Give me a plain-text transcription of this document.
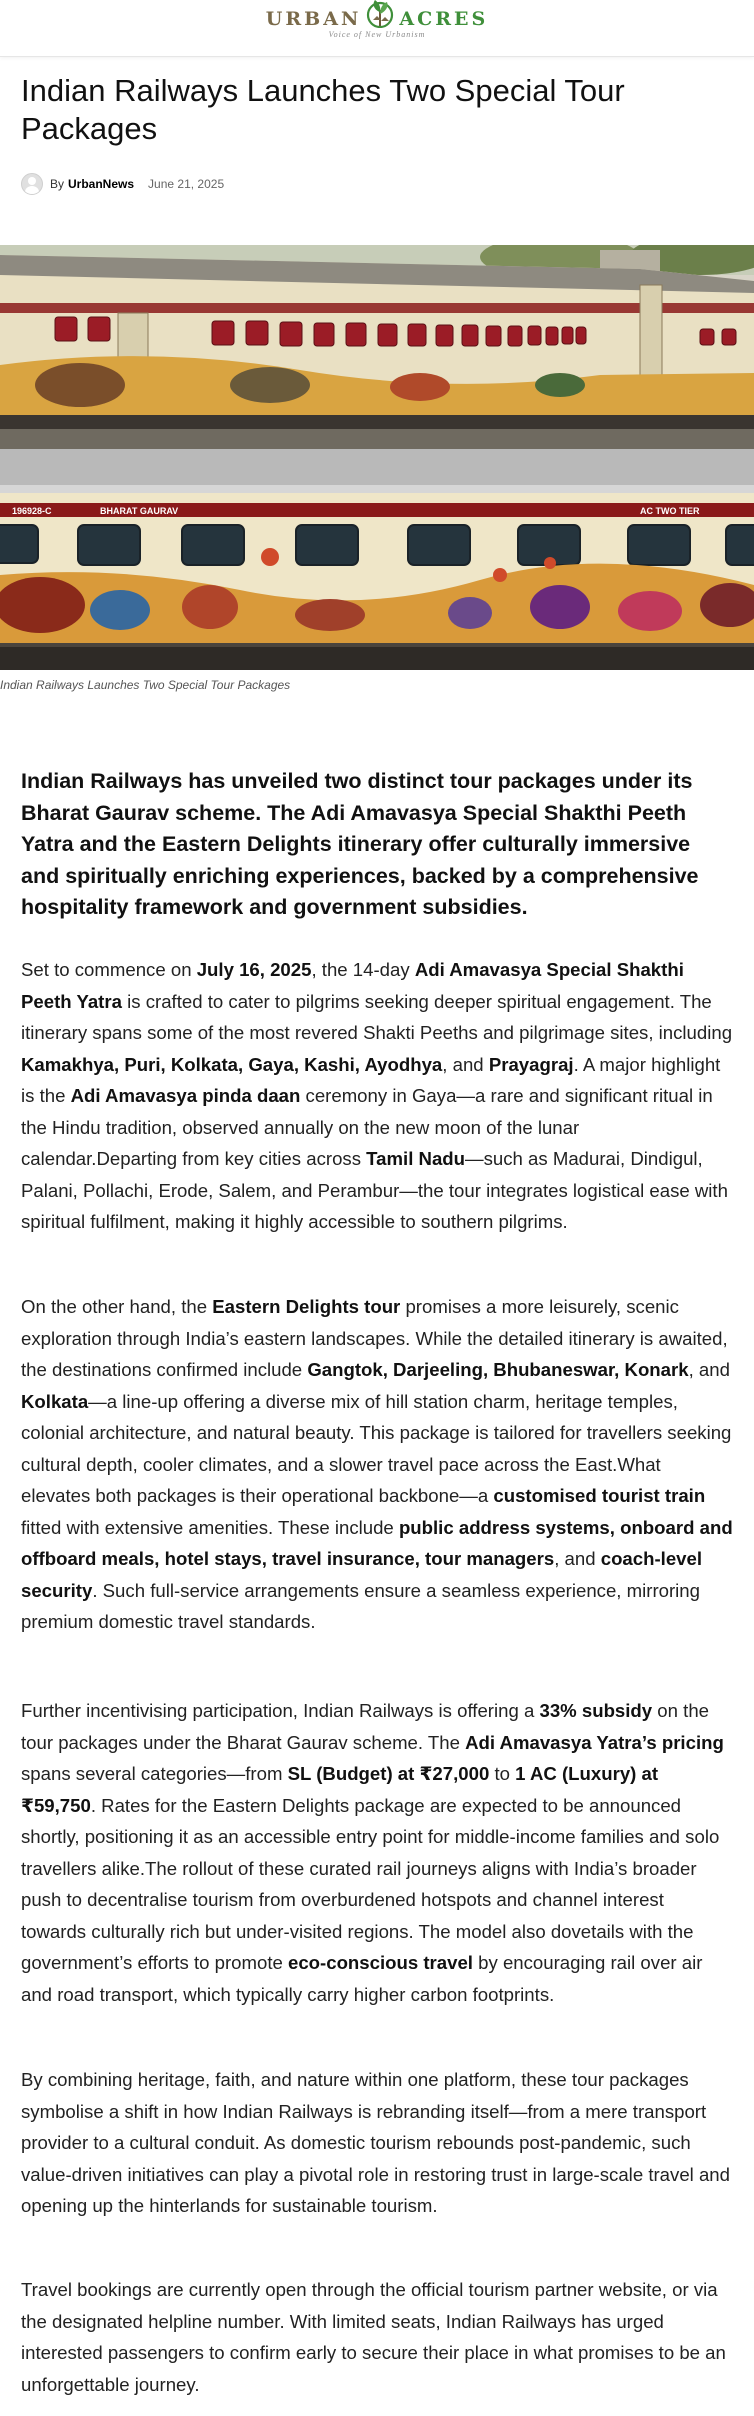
URBAN ACRES
Voice of New Urbanism
Indian Railways Launches Two Special Tour Packages
By UrbanNews June 21, 2025
196928-C	BHARAT GAURAV	AC TWO TIER
Indian Railways Launches Two Special Tour Packages

Indian Railways has unveiled two distinct tour packages under its Bharat Gaurav scheme. The Adi Amavasya Special Shakthi Peeth Yatra and the Eastern Delights itinerary offer culturally immersive and spiritually enriching experiences, backed by a comprehensive hospitality framework and government subsidies.

Set to commence on July 16, 2025, the 14-day Adi Amavasya Special Shakthi Peeth Yatra is crafted to cater to pilgrims seeking deeper spiritual engagement. The itinerary spans some of the most revered Shakti Peeths and pilgrimage sites, including Kamakhya, Puri, Kolkata, Gaya, Kashi, Ayodhya, and Prayagraj. A major highlight is the Adi Amavasya pinda daan ceremony in Gaya—a rare and significant ritual in the Hindu tradition, observed annually on the new moon of the lunar calendar.Departing from key cities across Tamil Nadu—such as Madurai, Dindigul, Palani, Pollachi, Erode, Salem, and Perambur—the tour integrates logistical ease with spiritual fulfilment, making it highly accessible to southern pilgrims.

On the other hand, the Eastern Delights tour promises a more leisurely, scenic exploration through India’s eastern landscapes. While the detailed itinerary is awaited, the destinations confirmed include Gangtok, Darjeeling, Bhubaneswar, Konark, and Kolkata—a line-up offering a diverse mix of hill station charm, heritage temples, colonial architecture, and natural beauty. This package is tailored for travellers seeking cultural depth, cooler climates, and a slower travel pace across the East.What elevates both packages is their operational backbone—a customised tourist train fitted with extensive amenities. These include public address systems, onboard and offboard meals, hotel stays, travel insurance, tour managers, and coach-level security. Such full-service arrangements ensure a seamless experience, mirroring premium domestic travel standards.

Further incentivising participation, Indian Railways is offering a 33% subsidy on the tour packages under the Bharat Gaurav scheme. The Adi Amavasya Yatra’s pricing spans several categories—from SL (Budget) at ₹27,000 to 1 AC (Luxury) at ₹59,750. Rates for the Eastern Delights package are expected to be announced shortly, positioning it as an accessible entry point for middle-income families and solo travellers alike.The rollout of these curated rail journeys aligns with India’s broader push to decentralise tourism from overburdened hotspots and channel interest towards culturally rich but under-visited regions. The model also dovetails with the government’s efforts to promote eco-conscious travel by encouraging rail over air and road transport, which typically carry higher carbon footprints.

By combining heritage, faith, and nature within one platform, these tour packages symbolise a shift in how Indian Railways is rebranding itself—from a mere transport provider to a cultural conduit. As domestic tourism rebounds post-pandemic, such value-driven initiatives can play a pivotal role in restoring trust in large-scale travel and opening up the hinterlands for sustainable tourism.

Travel bookings are currently open through the official tourism partner website, or via the designated helpline number. With limited seats, Indian Railways has urged interested passengers to confirm early to secure their place in what promises to be an unforgettable journey.
